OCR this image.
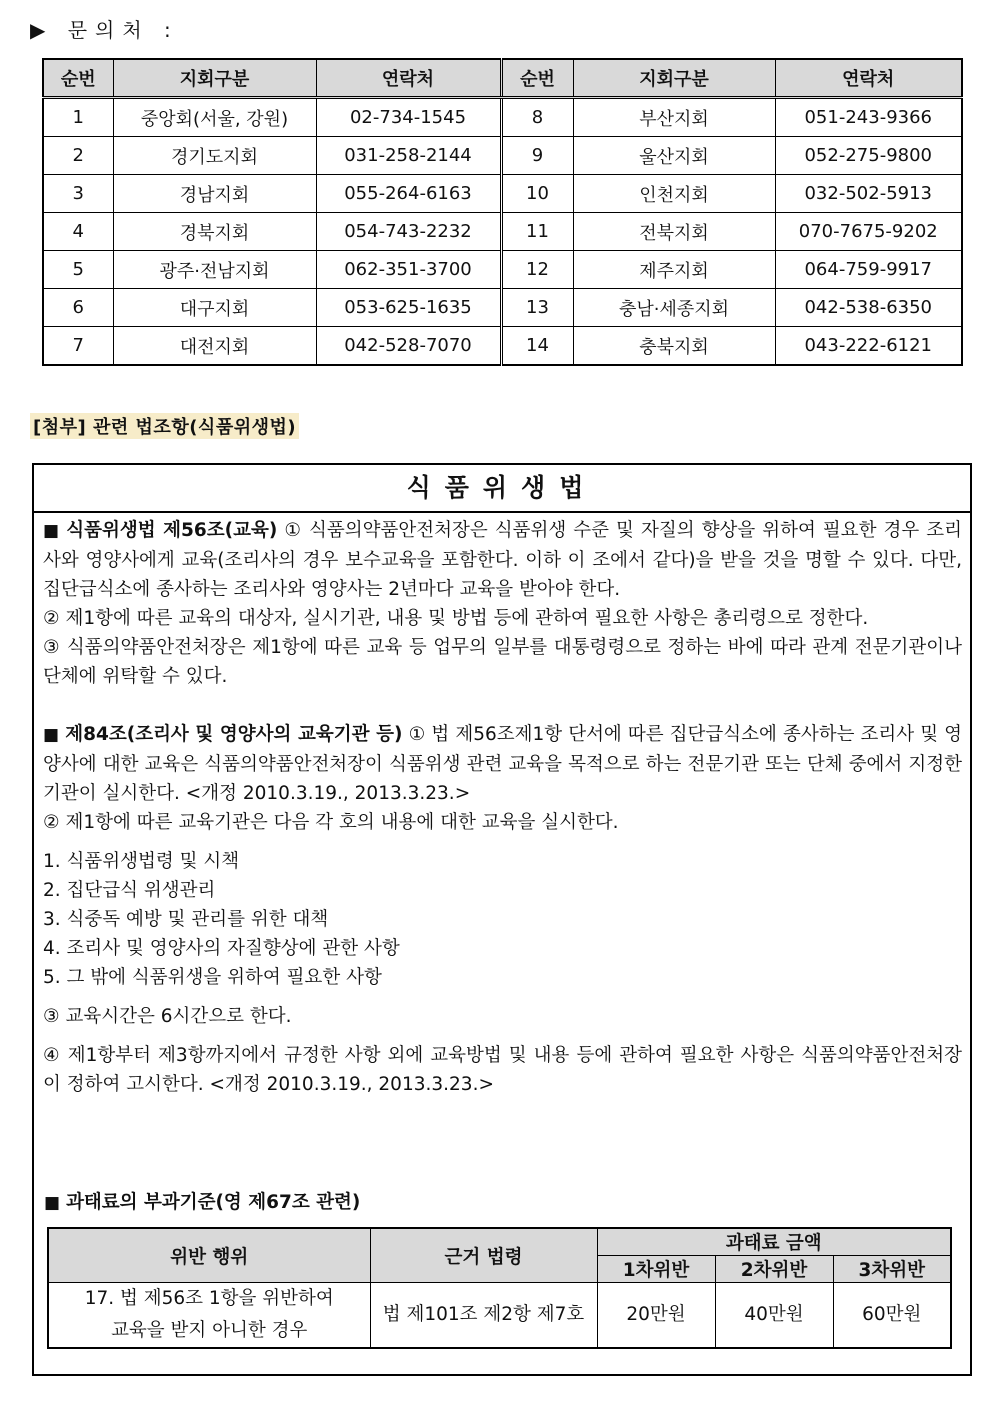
▶ 문의처 :
순번	지회구분	연락처	순번	지회구분	연락처
1	중앙회(서울, 강원)	02-734-1545	8	부산지회	051-243-9366
2	경기도지회	031-258-2144	9	울산지회	052-275-9800
3	경남지회	055-264-6163	10	인천지회	032-502-5913
4	경북지회	054-743-2232	11	전북지회	070-7675-9202
5	광주·전남지회	062-351-3700	12	제주지회	064-759-9917
6	대구지회	053-625-1635	13	충남·세종지회	042-538-6350
7	대전지회	042-528-7070	14	충북지회	043-222-6121
[첨부] 관련 법조항(식품위생법)
식품위생법

■ 식품위생법 제56조(교육) ① 식품의약품안전처장은 식품위생 수준 및 자질의 향상을 위하여 필요한 경우 조리사와 영양사에게 교육(조리사의 경우 보수교육을 포함한다. 이하 이 조에서 같다)을 받을 것을 명할 수 있다. 다만, 집단급식소에 종사하는 조리사와 영양사는 2년마다 교육을 받아야 한다.

② 제1항에 따른 교육의 대상자, 실시기관, 내용 및 방법 등에 관하여 필요한 사항은 총리령으로 정한다.

③ 식품의약품안전처장은 제1항에 따른 교육 등 업무의 일부를 대통령령으로 정하는 바에 따라 관계 전문기관이나 단체에 위탁할 수 있다.

■ 제84조(조리사 및 영양사의 교육기관 등) ① 법 제56조제1항 단서에 따른 집단급식소에 종사하는 조리사 및 영양사에 대한 교육은 식품의약품안전처장이 식품위생 관련 교육을 목적으로 하는 전문기관 또는 단체 중에서 지정한 기관이 실시한다. <개정 2010.3.19., 2013.3.23.>

② 제1항에 따른 교육기관은 다음 각 호의 내용에 대한 교육을 실시한다.

1. 식품위생법령 및 시책

2. 집단급식 위생관리

3. 식중독 예방 및 관리를 위한 대책

4. 조리사 및 영양사의 자질향상에 관한 사항

5. 그 밖에 식품위생을 위하여 필요한 사항

③ 교육시간은 6시간으로 한다.

④ 제1항부터 제3항까지에서 규정한 사항 외에 교육방법 및 내용 등에 관하여 필요한 사항은 식품의약품안전처장이 정하여 고시한다. <개정 2010.3.19., 2013.3.23.>

■ 과태료의 부과기준(영 제67조 관련)
위반 행위	근거 법령	과태료 금액		
		1차위반	2차위반	3차위반
17. 법 제56조 1항을 위반하여
교육을 받지 아니한 경우	법 제101조 제2항 제7호	20만원	40만원	60만원
